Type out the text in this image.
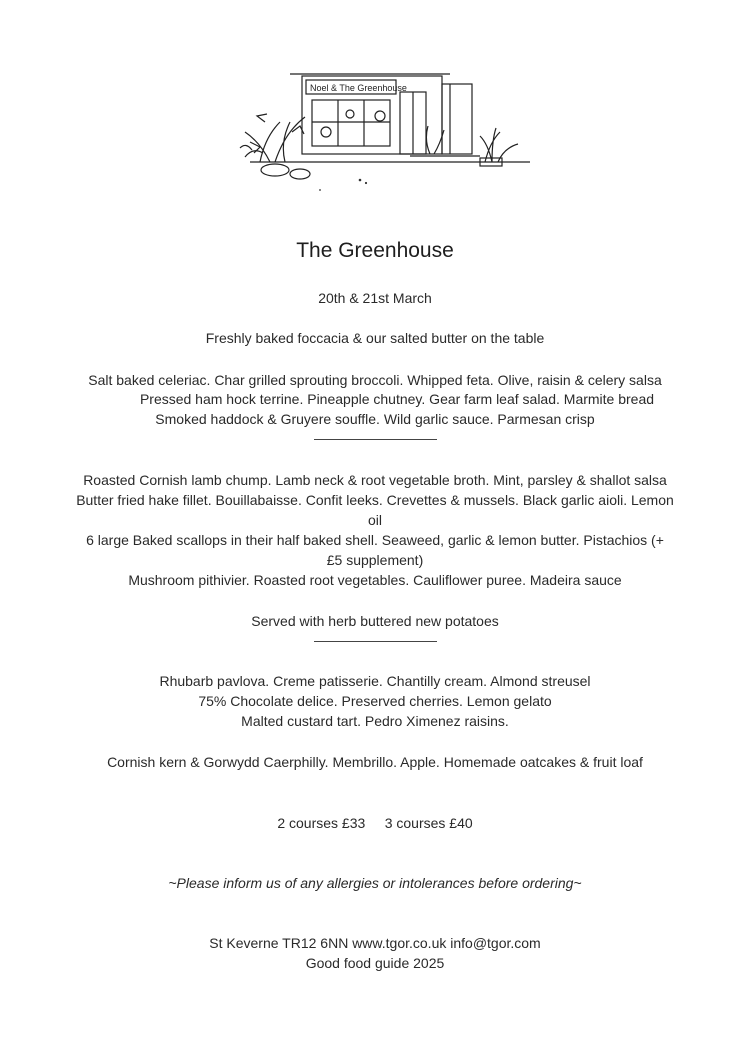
Noel & The Greenhouse
The Greenhouse
20th & 21st March
Freshly baked foccacia & our salted butter on the table
Salt baked celeriac. Char grilled sprouting broccoli. Whipped feta. Olive, raisin & celery salsa
Pressed ham hock terrine. Pineapple chutney. Gear farm leaf salad. Marmite bread
Smoked haddock & Gruyere souffle. Wild garlic sauce. Parmesan crisp
Roasted Cornish lamb chump. Lamb neck & root vegetable broth. Mint, parsley & shallot salsa
Butter fried hake fillet. Bouillabaisse. Confit leeks. Crevettes & mussels. Black garlic aioli. Lemon
oil
6 large Baked scallops in their half baked shell. Seaweed, garlic & lemon butter. Pistachios (+
£5 supplement)
Mushroom pithivier. Roasted root vegetables. Cauliflower puree. Madeira sauce
Served with herb buttered new potatoes
Rhubarb pavlova. Creme patisserie. Chantilly cream. Almond streusel
75% Chocolate delice. Preserved cherries. Lemon gelato
Malted custard tart. Pedro Ximenez raisins.
Cornish kern & Gorwydd Caerphilly. Membrillo. Apple. Homemade oatcakes & fruit loaf
2 courses £33     3 courses £40
~Please inform us of any allergies or intolerances before ordering~
St Keverne TR12 6NN www.tgor.co.uk info@tgor.com
Good food guide 2025
